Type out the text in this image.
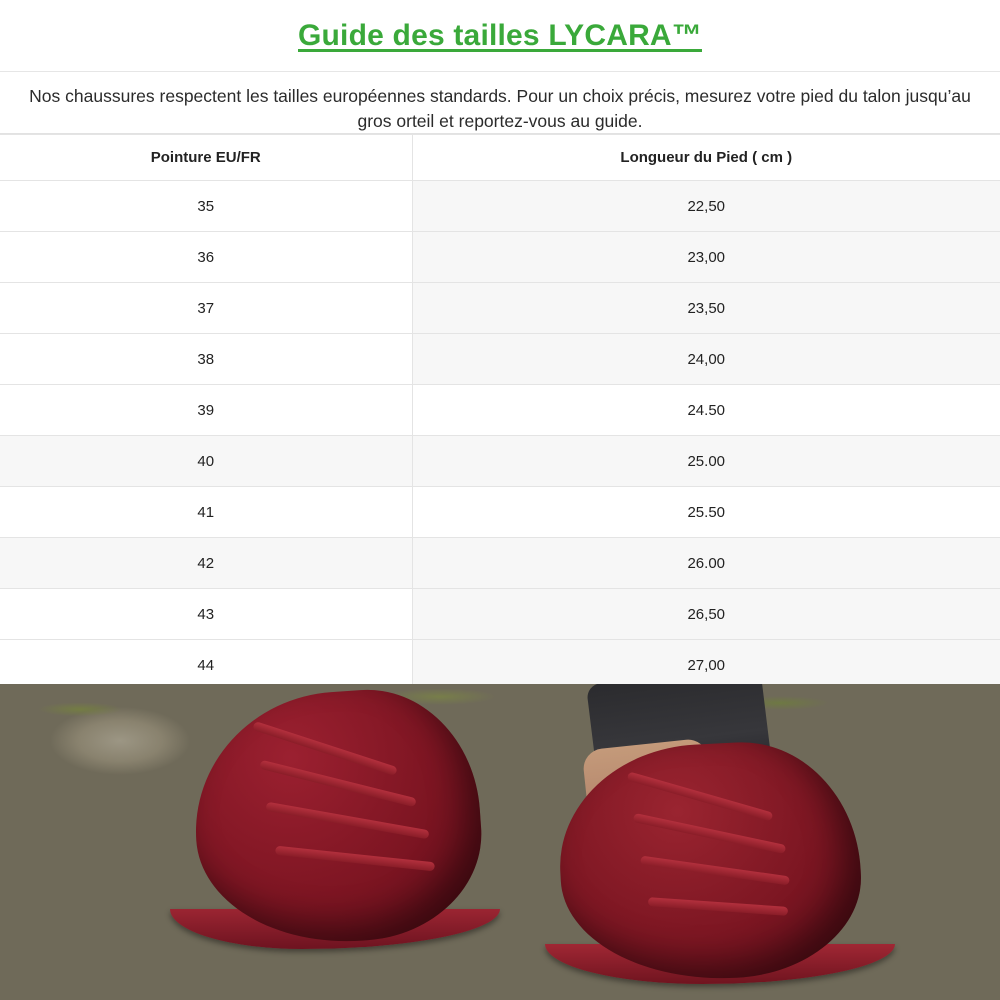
Guide des tailles LYCARA™

Nos chaussures respectent les tailles européennes standards. Pour un choix précis, mesurez votre pied du talon jusqu’au gros orteil et reportez-vous au guide.

Pointure EU/FR	Longueur du Pied ( cm )
35	22,50
36	23,00
37	23,50
38	24,00
39	24.50
40	25.00
41	25.50
42	26.00
43	26,50
44	27,00
